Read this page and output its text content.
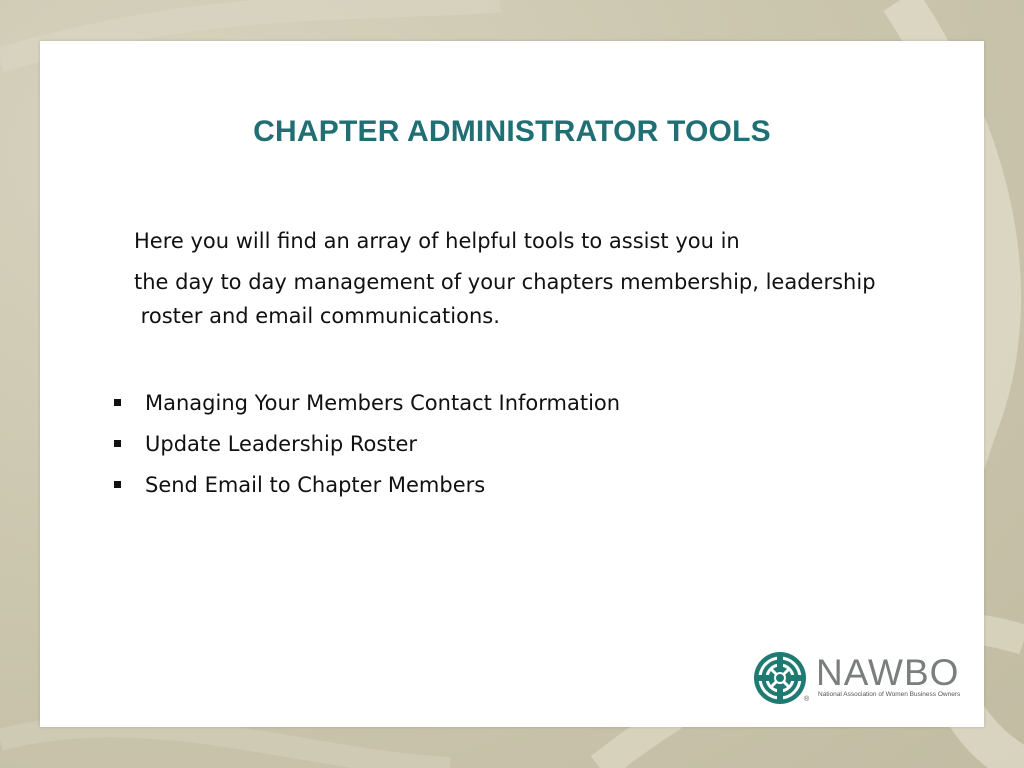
CHAPTER ADMINISTRATOR TOOLS
Here you will find an array of helpful tools to assist you in
the day to day management of your chapters membership, leadership
roster and email communications.
Managing Your Members Contact Information
Update Leadership Roster
Send Email to Chapter Members
®
NAWBO
National Association of Women Business Owners
